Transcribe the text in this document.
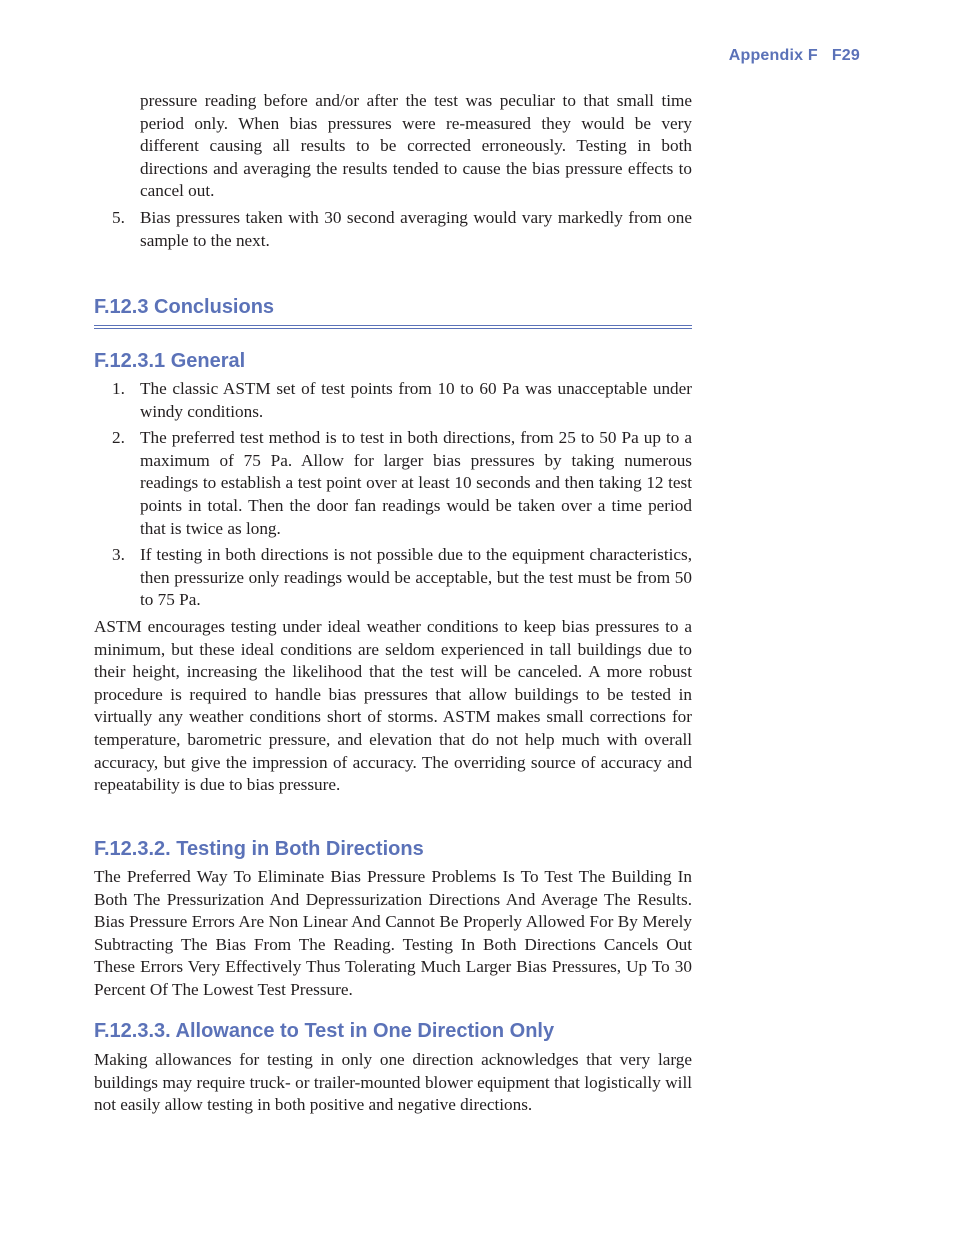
Appendix F F29

pressure reading before and/or after the test was peculiar to that small time period only. When bias pressures were re-measured they would be very different causing all results to be corrected erroneously. Testing in both directions and averaging the results tended to cause the bias pressure effects to cancel out.

5. Bias pressures taken with 30 second averaging would vary markedly from one sample to the next.
F.12.3 Conclusions
F.12.3.1 General
1. The classic ASTM set of test points from 10 to 60 Pa was unacceptable under windy conditions.
2. The preferred test method is to test in both directions, from 25 to 50 Pa up to a maximum of 75 Pa. Allow for larger bias pressures by taking numerous readings to establish a test point over at least 10 seconds and then taking 12 test points in total. Then the door fan readings would be taken over a time period that is twice as long.
3. If testing in both directions is not possible due to the equipment characteristics, then pressurize only readings would be acceptable, but the test must be from 50 to 75 Pa.

ASTM encourages testing under ideal weather conditions to keep bias pressures to a minimum, but these ideal conditions are seldom experienced in tall buildings due to their height, increasing the likelihood that the test will be canceled. A more robust procedure is required to handle bias pressures that allow buildings to be tested in virtually any weather conditions short of storms. ASTM makes small corrections for temperature, barometric pressure, and elevation that do not help much with overall accuracy, but give the impression of accuracy. The overriding source of accuracy and repeatability is due to bias pressure.

F.12.3.2. Testing in Both Directions

The Preferred Way To Eliminate Bias Pressure Problems Is To Test The Building In Both The Pressurization And Depressurization Directions And Average The Results. Bias Pressure Errors Are Non Linear And Cannot Be Properly Allowed For By Merely Subtracting The Bias From The Reading. Testing In Both Directions Cancels Out These Errors Very Effectively Thus Tolerating Much Larger Bias Pressures, Up To 30 Percent Of The Lowest Test Pressure.

F.12.3.3. Allowance to Test in One Direction Only

Making allowances for testing in only one direction acknowledges that very large buildings may require truck- or trailer-mounted blower equipment that logistically will not easily allow testing in both positive and negative directions.
